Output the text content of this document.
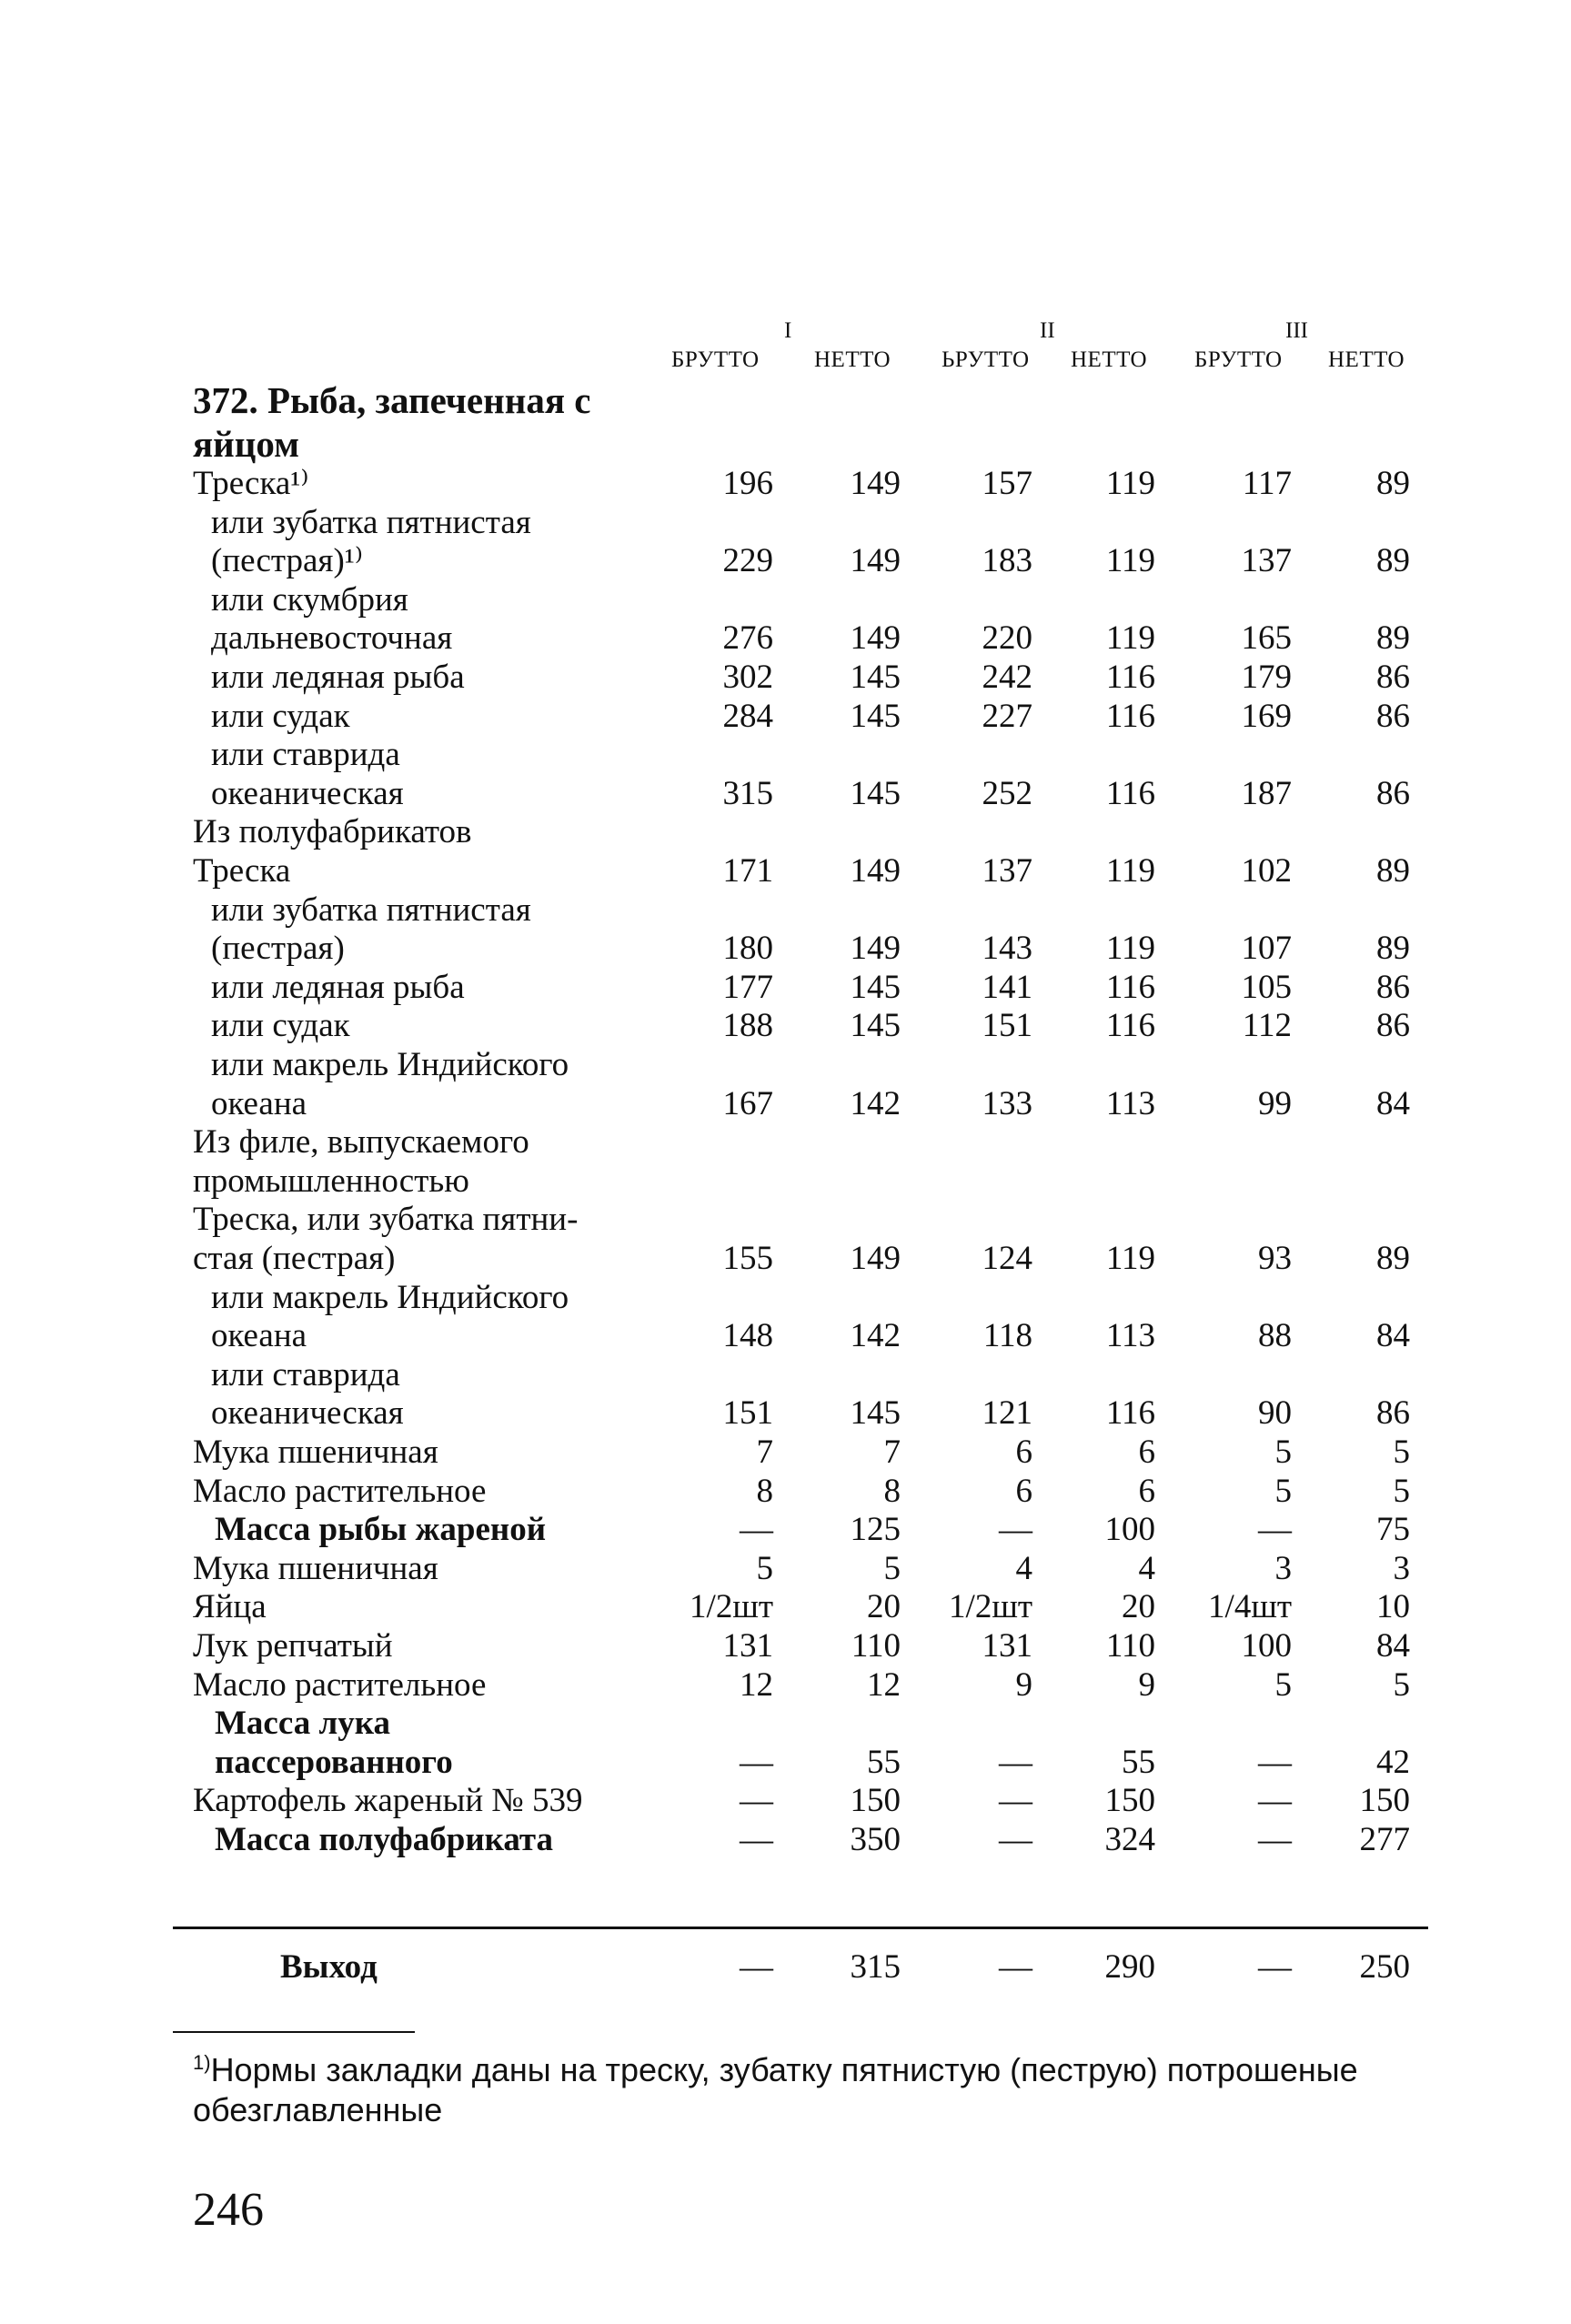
I	II	III
БРУТТО НЕТТО ЬРУТТО НЕТТО БРУТТО НЕТТО
372. Рыба, запеченная с
яйцом
Треска¹⁾	196	149	157	119	117	89
или зубатка пятнистая
(пестрая)¹⁾	229	149	183	119	137	89
или скумбрия
дальневосточная	276	149	220	119	165	89
или ледяная рыба	302	145	242	116	179	86
или судак	284	145	227	116	169	86
или ставрида
океаническая	315	145	252	116	187	86
Из полуфабрикатов
Треска	171	149	137	119	102	89
или зубатка пятнистая
(пестрая)	180	149	143	119	107	89
или ледяная рыба	177	145	141	116	105	86
или судак	188	145	151	116	112	86
или макрель Индийского
океана	167	142	133	113	99	84
Из филе, выпускаемого
промышленностью
Треска, или зубатка пятни-
стая (пестрая)	155	149	124	119	93	89
или макрель Индийского
океана	148	142	118	113	88	84
или ставрида
океаническая	151	145	121	116	90	86
Мука пшеничная	7	7	6	6	5	5
Масло растительное	8	8	6	6	5	5
Масса рыбы жареной	—	125	—	100	—	75
Мука пшеничная	5	5	4	4	3	3
Яйца	1/2шт	20	1/2шт	20	1/4шт	10
Лук репчатый	131	110	131	110	100	84
Масло растительное	12	12	9	9	5	5
Масса лука
пассерованного	—	55	—	55	—	42
Картофель жареный № 539	—	150	—	150	—	150
Масса полуфабриката	—	350	—	324	—	277
Выход	—	315	—	290	—	250
$^{1)}$Нормы закладки даны на треску, зубатку пятнистую (пеструю) потрошеные обезглавленные
246
